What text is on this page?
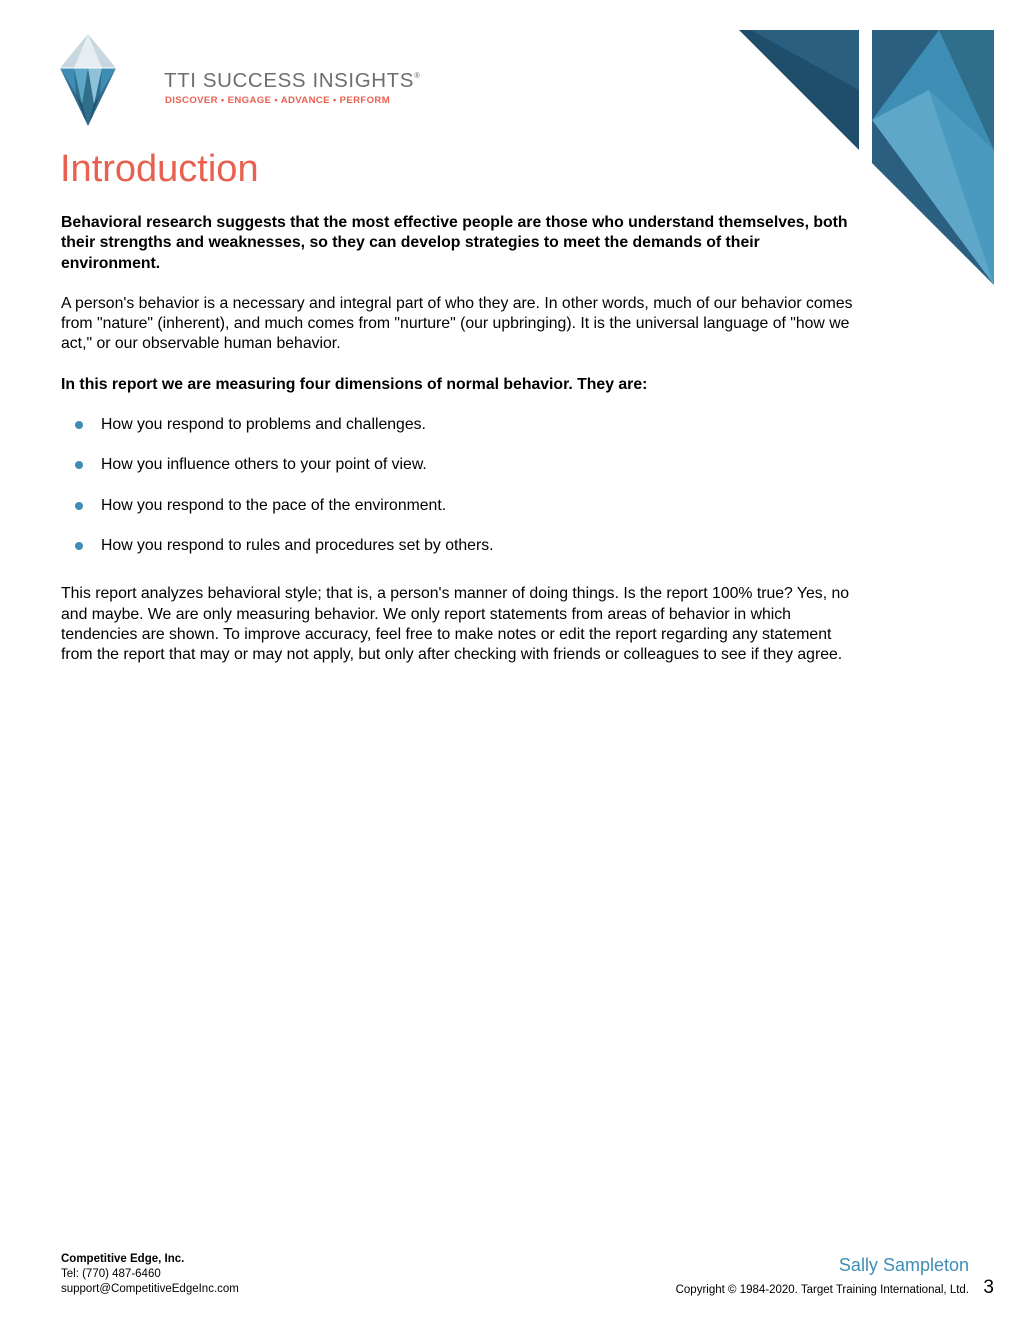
TTI SUCCESS INSIGHTS®
DISCOVER • ENGAGE • ADVANCE • PERFORM
Introduction

Behavioral research suggests that the most effective people are those who understand themselves, both their strengths and weaknesses, so they can develop strategies to meet the demands of their environment.

A person's behavior is a necessary and integral part of who they are. In other words, much of our behavior comes from "nature" (inherent), and much comes from "nurture" (our upbringing). It is the universal language of "how we act," or our observable human behavior.

In this report we are measuring four dimensions of normal behavior. They are:

How you respond to problems and challenges.
How you influence others to your point of view.
How you respond to the pace of the environment.
How you respond to rules and procedures set by others.

This report analyzes behavioral style; that is, a person's manner of doing things. Is the report 100% true? Yes, no and maybe. We are only measuring behavior. We only report statements from areas of behavior in which tendencies are shown. To improve accuracy, feel free to make notes or edit the report regarding any statement from the report that may or may not apply, but only after checking with friends or colleagues to see if they agree.

Competitive Edge, Inc.
Tel: (770) 487-6460
support@CompetitiveEdgeInc.com
Sally Sampleton
Copyright © 1984-2020. Target Training International, Ltd. 3
